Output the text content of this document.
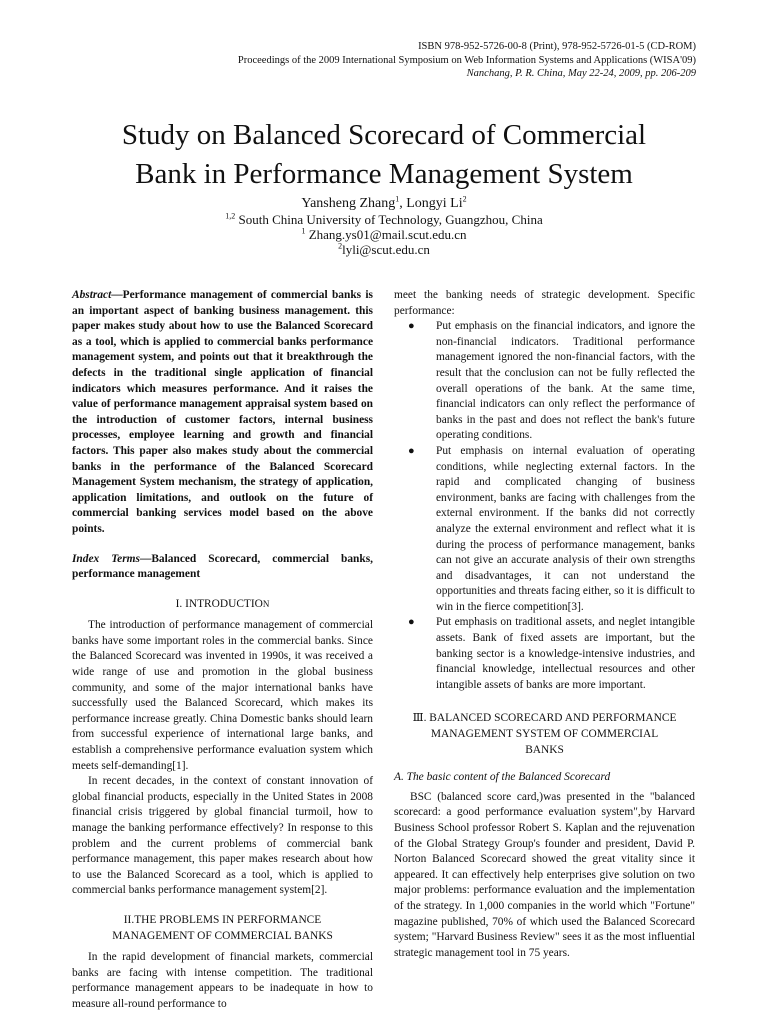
ISBN 978-952-5726-00-8 (Print), 978-952-5726-01-5 (CD-ROM)
Proceedings of the 2009 International Symposium on Web Information Systems and Applications (WISA'09)
Nanchang, P. R. China, May 22-24, 2009, pp. 206-209
Study on Balanced Scorecard of Commercial
Bank in Performance Management System
Yansheng Zhang$^1$, Longyi Li$^2$
$^{1,2}$ South China University of Technology, Guangzhou, China
$^1$ Zhang.ys01@mail.scut.edu.cn
$^2$lyli@scut.edu.cn

Abstract—Performance management of commercial banks is an important aspect of banking business management. this paper makes study about how to use the Balanced Scorecard as a tool, which is applied to commercial banks performance management system, and points out that it breakthrough the defects in the traditional single application of financial indicators which measures performance. And it raises the value of performance management appraisal system based on the introduction of customer factors, internal business processes, employee learning and growth and financial factors. This paper also makes study about the commercial banks in the performance of the Balanced Scorecard Management System mechanism, the strategy of application, application limitations, and outlook on the future of commercial banking services model based on the above points.

Index Terms—Balanced Scorecard, commercial banks, performance management

I. INTRODUCTION

The introduction of performance management of commercial banks have some important roles in the commercial banks. Since the Balanced Scorecard was invented in 1990s, it was received a wide range of use and promotion in the global business community, and some of the major international banks have successfully used the Balanced Scorecard, which makes its performance increase greatly. China Domestic banks should learn from successful experience of international large banks, and establish a comprehensive performance evaluation system which meets self-demanding[1].

In recent decades, in the context of constant innovation of global financial products, especially in the United States in 2008 financial crisis triggered by global financial turmoil, how to manage the banking performance effectively? In response to this problem and the current problems of commercial bank performance management, this paper makes research about how to use the Balanced Scorecard as a tool, which is applied to commercial banks performance management system[2].

II.THE PROBLEMS IN PERFORMANCE
MANAGEMENT OF COMMERCIAL BANKS

In the rapid development of financial markets, commercial banks are facing with intense competition. The traditional performance management appears to be inadequate in how to measure all-round performance to

meet the banking needs of strategic development. Specific performance:

● Put emphasis on the financial indicators, and ignore the non-financial indicators. Traditional performance management ignored the non-financial factors, with the result that the conclusion can not be fully reflected the overall operations of the bank. At the same time, financial indicators can only reflect the performance of banks in the past and does not reflect the bank's future operating conditions.
● Put emphasis on internal evaluation of operating conditions, while neglecting external factors. In the rapid and complicated changing of business environment, banks are facing with challenges from the external environment. If the banks did not correctly analyze the external environment and reflect what it is during the process of performance management, banks can not give an accurate analysis of their own strengths and disadvantages, it can not understand the opportunities and threats facing either, so it is difficult to win in the fierce competition[3].
● Put emphasis on traditional assets, and neglet intangible assets. Bank of fixed assets are important, but the banking sector is a knowledge-intensive industries, and financial knowledge, intellectual resources and other intangible assets of banks are more important.
Ⅲ. BALANCED SCORECARD AND PERFORMANCE
MANAGEMENT SYSTEM OF COMMERCIAL
BANKS
A. The basic content of the Balanced Scorecard

BSC (balanced score card,)was presented in the "balanced scorecard: a good performance evaluation system",by Harvard Business School professor Robert S. Kaplan and the rejuvenation of the Global Strategy Group's founder and president, David P. Norton Balanced Scorecard showed the great vitality since it appeared. It can effectively help enterprises give solution on two major problems: performance evaluation and the implementation of the strategy. In 1,000 companies in the world which "Fortune" magazine published, 70% of which used the Balanced Scorecard system; "Harvard Business Review" sees it as the most influential strategic management tool in 75 years.
